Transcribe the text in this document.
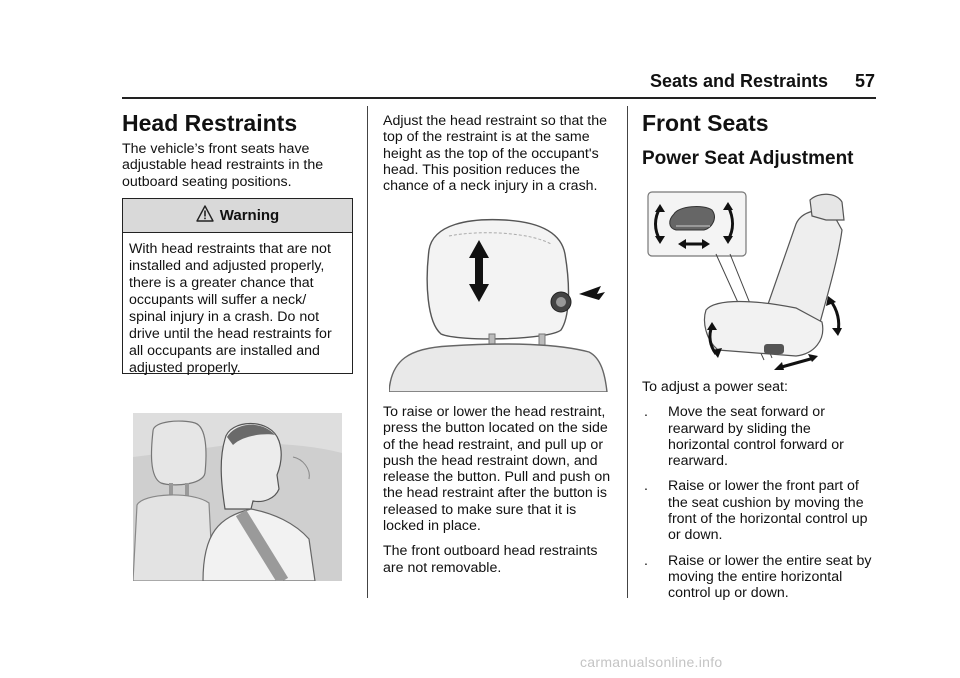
Seats and Restraints 57
Head Restraints

The vehicle’s front seats have adjustable head restraints in the outboard seating positions.

Warning
With head restraints that are not installed and adjusted properly, there is a greater chance that occupants will suffer a neck/ spinal injury in a crash. Do not drive until the head restraints for all occupants are installed and adjusted properly.

Adjust the head restraint so that the top of the restraint is at the same height as the top of the occupant's head. This position reduces the chance of a neck injury in a crash.

To raise or lower the head restraint, press the button located on the side of the head restraint, and pull up or push the head restraint down, and release the button. Pull and push on the head restraint after the button is released to make sure that it is locked in place.

The front outboard head restraints are not removable.

Front Seats
Power Seat Adjustment

To adjust a power seat:

.	Move the seat forward or rearward by sliding the horizontal control forward or rearward.
.	Raise or lower the front part of the seat cushion by moving the front of the horizontal control up or down.
.	Raise or lower the entire seat by moving the entire horizontal control up or down.
carmanualsonline.info
